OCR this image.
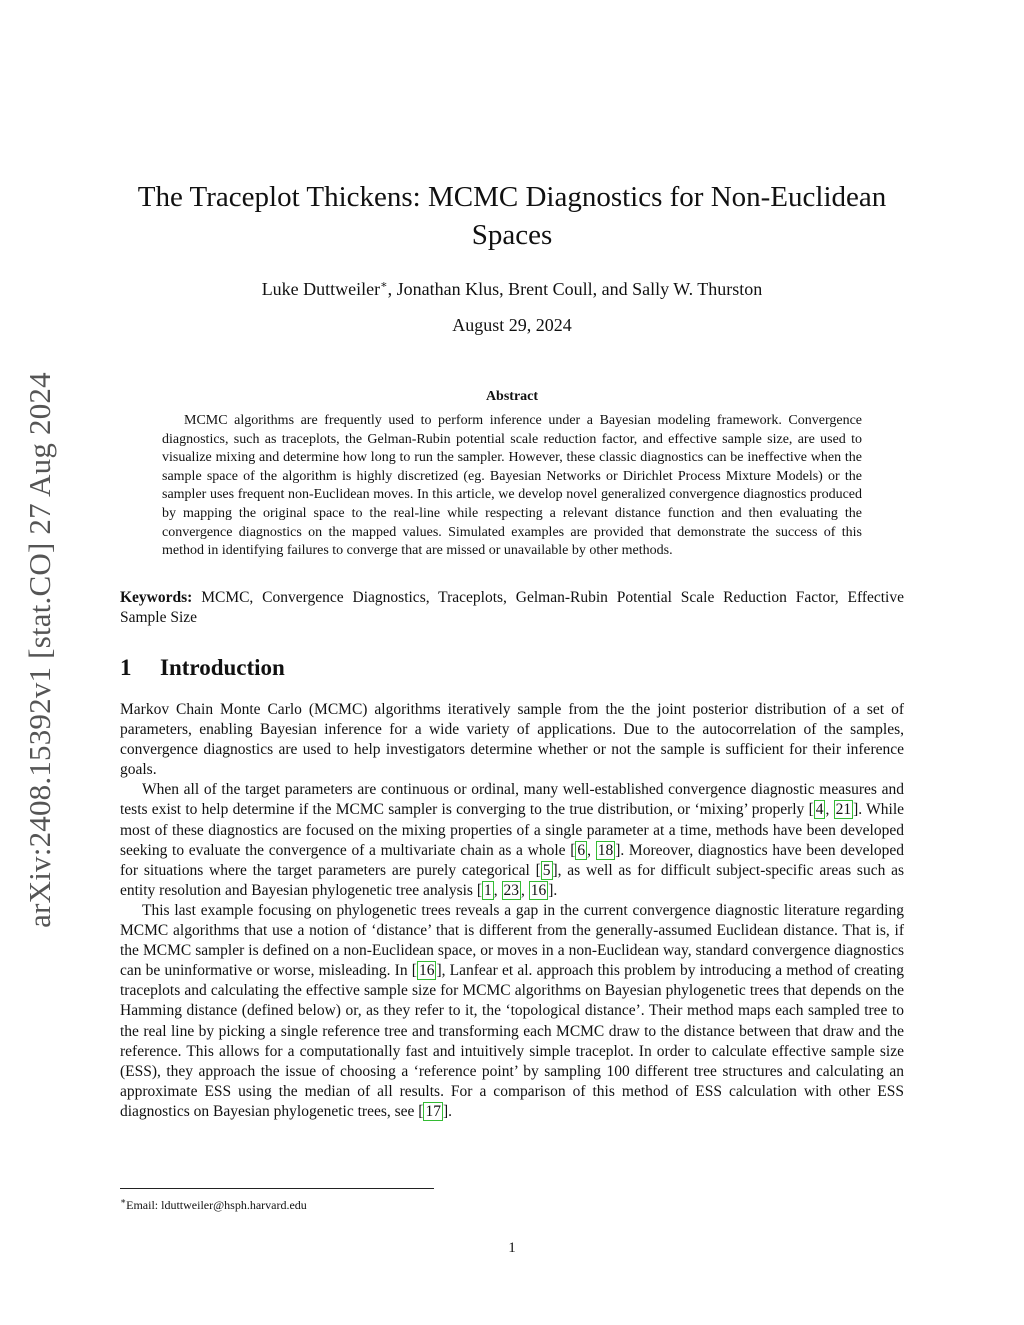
arXiv:2408.15392v1 [stat.CO] 27 Aug 2024
The Traceplot Thickens: MCMC Diagnostics for Non-Euclidean Spaces
Luke Duttweiler∗, Jonathan Klus, Brent Coull, and Sally W. Thurston
August 29, 2024
Abstract

MCMC algorithms are frequently used to perform inference under a Bayesian modeling framework. Convergence diagnostics, such as traceplots, the Gelman-Rubin potential scale reduction factor, and effective sample size, are used to visualize mixing and determine how long to run the sampler. However, these classic diagnostics can be ineffective when the sample space of the algorithm is highly discretized (eg. Bayesian Networks or Dirichlet Process Mixture Models) or the sampler uses frequent non-Euclidean moves. In this article, we develop novel generalized convergence diagnostics produced by mapping the original space to the real-line while respecting a relevant distance function and then evaluating the convergence diagnostics on the mapped values. Simulated examples are provided that demonstrate the success of this method in identifying failures to converge that are missed or unavailable by other methods.

Keywords: MCMC, Convergence Diagnostics, Traceplots, Gelman-Rubin Potential Scale Reduction Factor, Effective Sample Size

1 Introduction

Markov Chain Monte Carlo (MCMC) algorithms iteratively sample from the the joint posterior distribution of a set of parameters, enabling Bayesian inference for a wide variety of applications. Due to the autocorrelation of the samples, convergence diagnostics are used to help investigators determine whether or not the sample is sufficient for their inference goals.

When all of the target parameters are continuous or ordinal, many well-established convergence diagnostic measures and tests exist to help determine if the MCMC sampler is converging to the true distribution, or ‘mixing’ properly [ 4 , 21 ]. While most of these diagnostics are focused on the mixing properties of a single parameter at a time, methods have been developed seeking to evaluate the convergence of a multivariate chain as a whole [ 6 , 18 ]. Moreover, diagnostics have been developed for situations where the target parameters are purely categorical [ 5 ], as well as for difficult subject-specific areas such as entity resolution and Bayesian phylogenetic tree analysis [ 1 , 23 , 16 ].

This last example focusing on phylogenetic trees reveals a gap in the current convergence diagnostic literature regarding MCMC algorithms that use a notion of ‘distance’ that is different from the generally-assumed Euclidean distance. That is, if the MCMC sampler is defined on a non-Euclidean space, or moves in a non-Euclidean way, standard convergence diagnostics can be uninformative or worse, misleading. In [ 16 ], Lanfear et al. approach this problem by introducing a method of creating traceplots and calculating the effective sample size for MCMC algorithms on Bayesian phylogenetic trees that depends on the Hamming distance (defined below) or, as they refer to it, the ‘topological distance’. Their method maps each sampled tree to the real line by picking a single reference tree and transforming each MCMC draw to the distance between that draw and the reference. This allows for a computationally fast and intuitively simple traceplot. In order to calculate effective sample size (ESS), they approach the issue of choosing a ‘reference point’ by sampling 100 different tree structures and calculating an approximate ESS using the median of all results. For a comparison of this method of ESS calculation with other ESS diagnostics on Bayesian phylogenetic trees, see [ 17 ].

∗Email: lduttweiler@hsph.harvard.edu
1
